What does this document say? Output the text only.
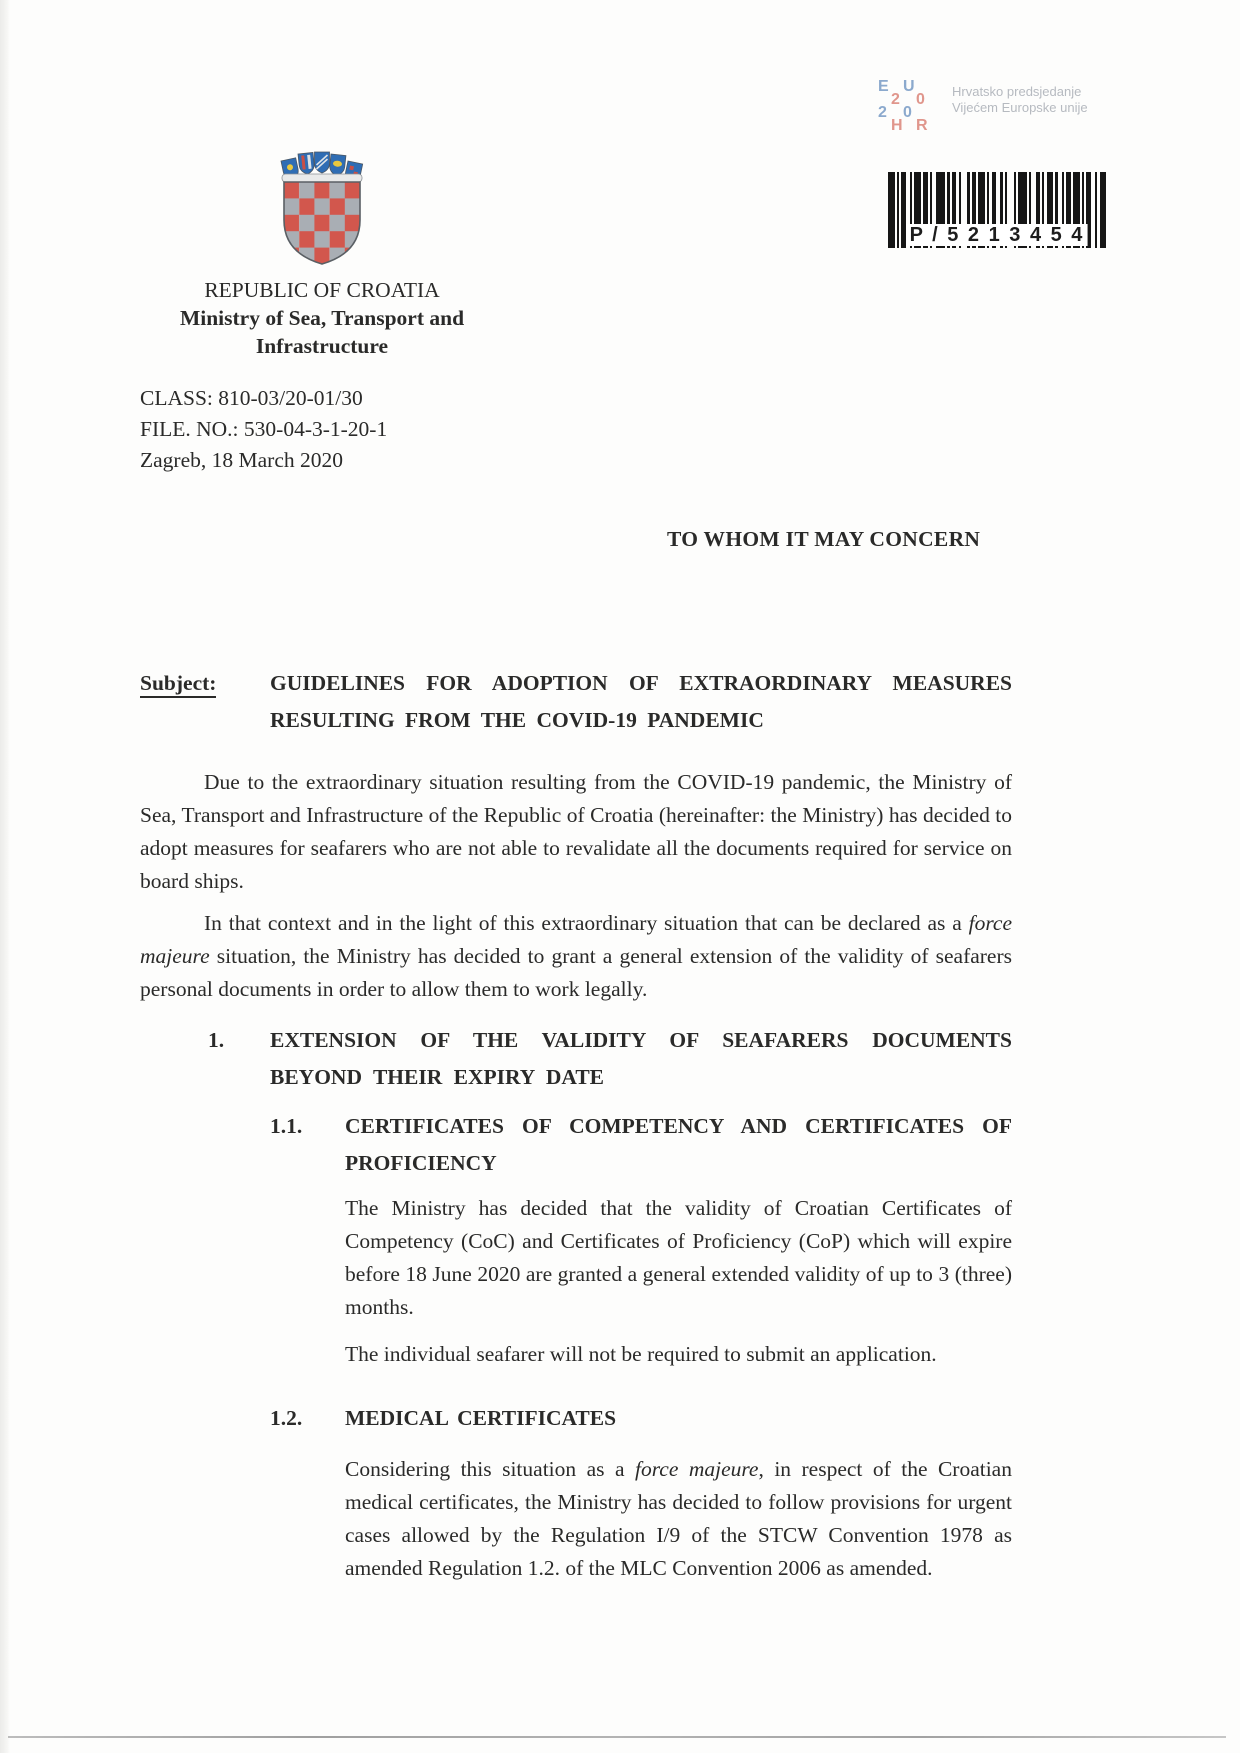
E U
2 0
2 0
H R
Hrvatsko predsjedanje
Vijećem Europske unije
REPUBLIC OF CROATIA
Ministry of Sea, Transport and
Infrastructure
P / 5 2 1 3 4 5 4
CLASS: 810-03/20-01/30
FILE. NO.: 530-04-3-1-20-1
Zagreb, 18 March 2020
TO WHOM IT MAY CONCERN
Subject:	GUIDELINES FOR ADOPTION OF EXTRAORDINARY MEASURES RESULTING FROM THE COVID-19 PANDEMIC

Due to the extraordinary situation resulting from the COVID-19 pandemic, the Ministry of Sea, Transport and Infrastructure of the Republic of Croatia (hereinafter: the Ministry) has decided to adopt measures for seafarers who are not able to revalidate all the documents required for service on board ships.

In that context and in the light of this extraordinary situation that can be declared as a force majeure situation, the Ministry has decided to grant a general extension of the validity of seafarers personal documents in order to allow them to work legally.

1.	EXTENSION OF THE VALIDITY OF SEAFARERS DOCUMENTS BEYOND THEIR EXPIRY DATE
1.1.	CERTIFICATES OF COMPETENCY AND CERTIFICATES OF PROFICIENCY

The Ministry has decided that the validity of Croatian Certificates of Competency (CoC) and Certificates of Proficiency (CoP) which will expire before 18 June 2020 are granted a general extended validity of up to 3 (three) months.

The individual seafarer will not be required to submit an application.

1.2.	MEDICAL CERTIFICATES

Considering this situation as a force majeure, in respect of the Croatian medical certificates, the Ministry has decided to follow provisions for urgent cases allowed by the Regulation I/9 of the STCW Convention 1978 as amended Regulation 1.2. of the MLC Convention 2006 as amended.
